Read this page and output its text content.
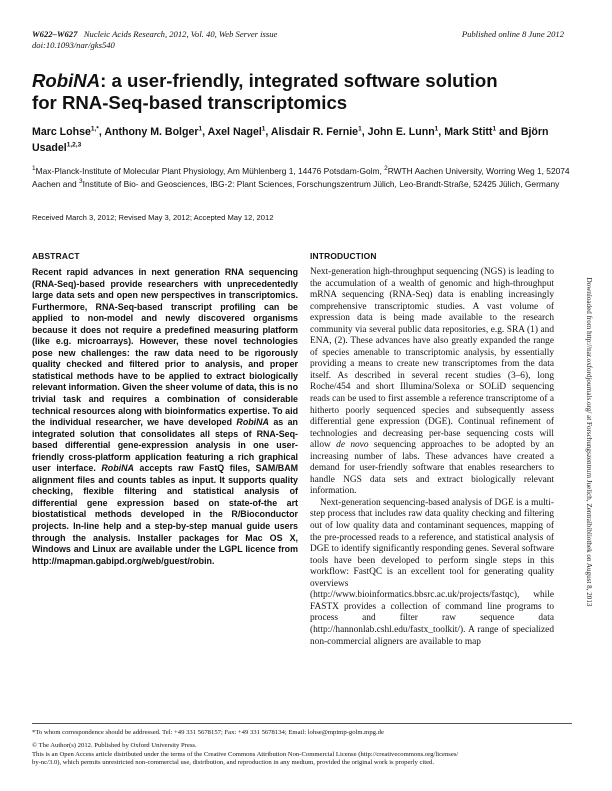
W622–W627 Nucleic Acids Research, 2012, Vol. 40, Web Server issue
doi:10.1093/nar/gks540
Published online 8 June 2012
RobiNA: a user-friendly, integrated software solution
for RNA-Seq-based transcriptomics
Marc Lohse$^{1,*}$, Anthony M. Bolger$^1$, Axel Nagel$^1$, Alisdair R. Fernie$^1$, John E. Lunn$^1$, Mark Stitt$^1$ and Björn Usadel$^{1,2,3}$
$^1$Max-Planck-Institute of Molecular Plant Physiology, Am Mühlenberg 1, 14476 Potsdam-Golm, $^2$RWTH Aachen University, Worring Weg 1, 52074 Aachen and $^3$Institute of Bio- and Geosciences, IBG-2: Plant Sciences, Forschungszentrum Jülich, Leo-Brandt-Straße, 52425 Jülich, Germany
Received March 3, 2012; Revised May 3, 2012; Accepted May 12, 2012
ABSTRACT

Recent rapid advances in next generation RNA sequencing (RNA-Seq)-based provide researchers with unprecedentedly large data sets and open new perspectives in transcriptomics. Furthermore, RNA-Seq-based transcript profiling can be applied to non-model and newly discovered organisms because it does not require a predefined measuring platform (like e.g. microarrays). However, these novel technologies pose new challenges: the raw data need to be rigorously quality checked and filtered prior to analysis, and proper statistical methods have to be applied to extract biologically relevant information. Given the sheer volume of data, this is no trivial task and requires a combination of considerable technical resources along with bioinformatics expertise. To aid the individual researcher, we have developed RobiNA as an integrated solution that consolidates all steps of RNA-Seq-based differential gene-expression analysis in one user-friendly cross-platform application featuring a rich graphical user interface. RobiNA accepts raw FastQ files, SAM/BAM alignment files and counts tables as input. It supports quality checking, flexible filtering and statistical analysis of differential gene expression based on state-of-the art biostatistical methods developed in the R/Bioconductor projects. In-line help and a step-by-step manual guide users through the analysis. Installer packages for Mac OS X, Windows and Linux are available under the LGPL licence from http://mapman.gabipd.org/web/guest/robin.

INTRODUCTION

Next-generation high-throughput sequencing (NGS) is leading to the accumulation of a wealth of genomic and high-throughput mRNA sequencing (RNA-Seq) data is enabling increasingly comprehensive transcriptomic studies. A vast volume of expression data is being made available to the research community via several public data repositories, e.g. SRA (1) and ENA, (2). These advances have also greatly expanded the range of species amenable to transcriptomic analysis, by essentially providing a means to create new transcriptomes from the data itself. As described in several recent studies (3–6), long Roche/454 and short Illumina/Solexa or SOLiD sequencing reads can be used to first assemble a reference transcriptome of a hitherto poorly sequenced species and subsequently assess differential gene expression (DGE). Continual refinement of technologies and decreasing per-base sequencing costs will allow de novo sequencing approaches to be adopted by an increasing number of labs. These advances have created a demand for user-friendly software that enables researchers to handle NGS data sets and extract biologically relevant information.

Next-generation sequencing-based analysis of DGE is a multi-step process that includes raw data quality checking and filtering out of low quality data and contaminant sequences, mapping of the pre-processed reads to a reference, and statistical analysis of DGE to identify significantly responding genes. Several software tools have been developed to perform single steps in this workflow: FastQC is an excellent tool for generating quality overviews (http://www.bioinformatics.bbsrc.ac.uk/projects/fastqc), while FASTX provides a collection of command line programs to process and filter raw sequence data (http://hannonlab.cshl.edu/fastx_toolkit/). A range of specialized non-commercial aligners are available to map

Downloaded from http://nar.oxfordjournals.org/ at Forschungszentrum Juelich, Zentralbibliothek on August 8, 2013
*To whom correspondence should be addressed. Tel: +49 331 5678157; Fax: +49 331 5678134; Email: lohse@mpimp-golm.mpg.de
© The Author(s) 2012. Published by Oxford University Press.
This is an Open Access article distributed under the terms of the Creative Commons Attribution Non-Commercial License (http://creativecommons.org/licenses/
by-nc/3.0), which permits unrestricted non-commercial use, distribution, and reproduction in any medium, provided the original work is properly cited.
